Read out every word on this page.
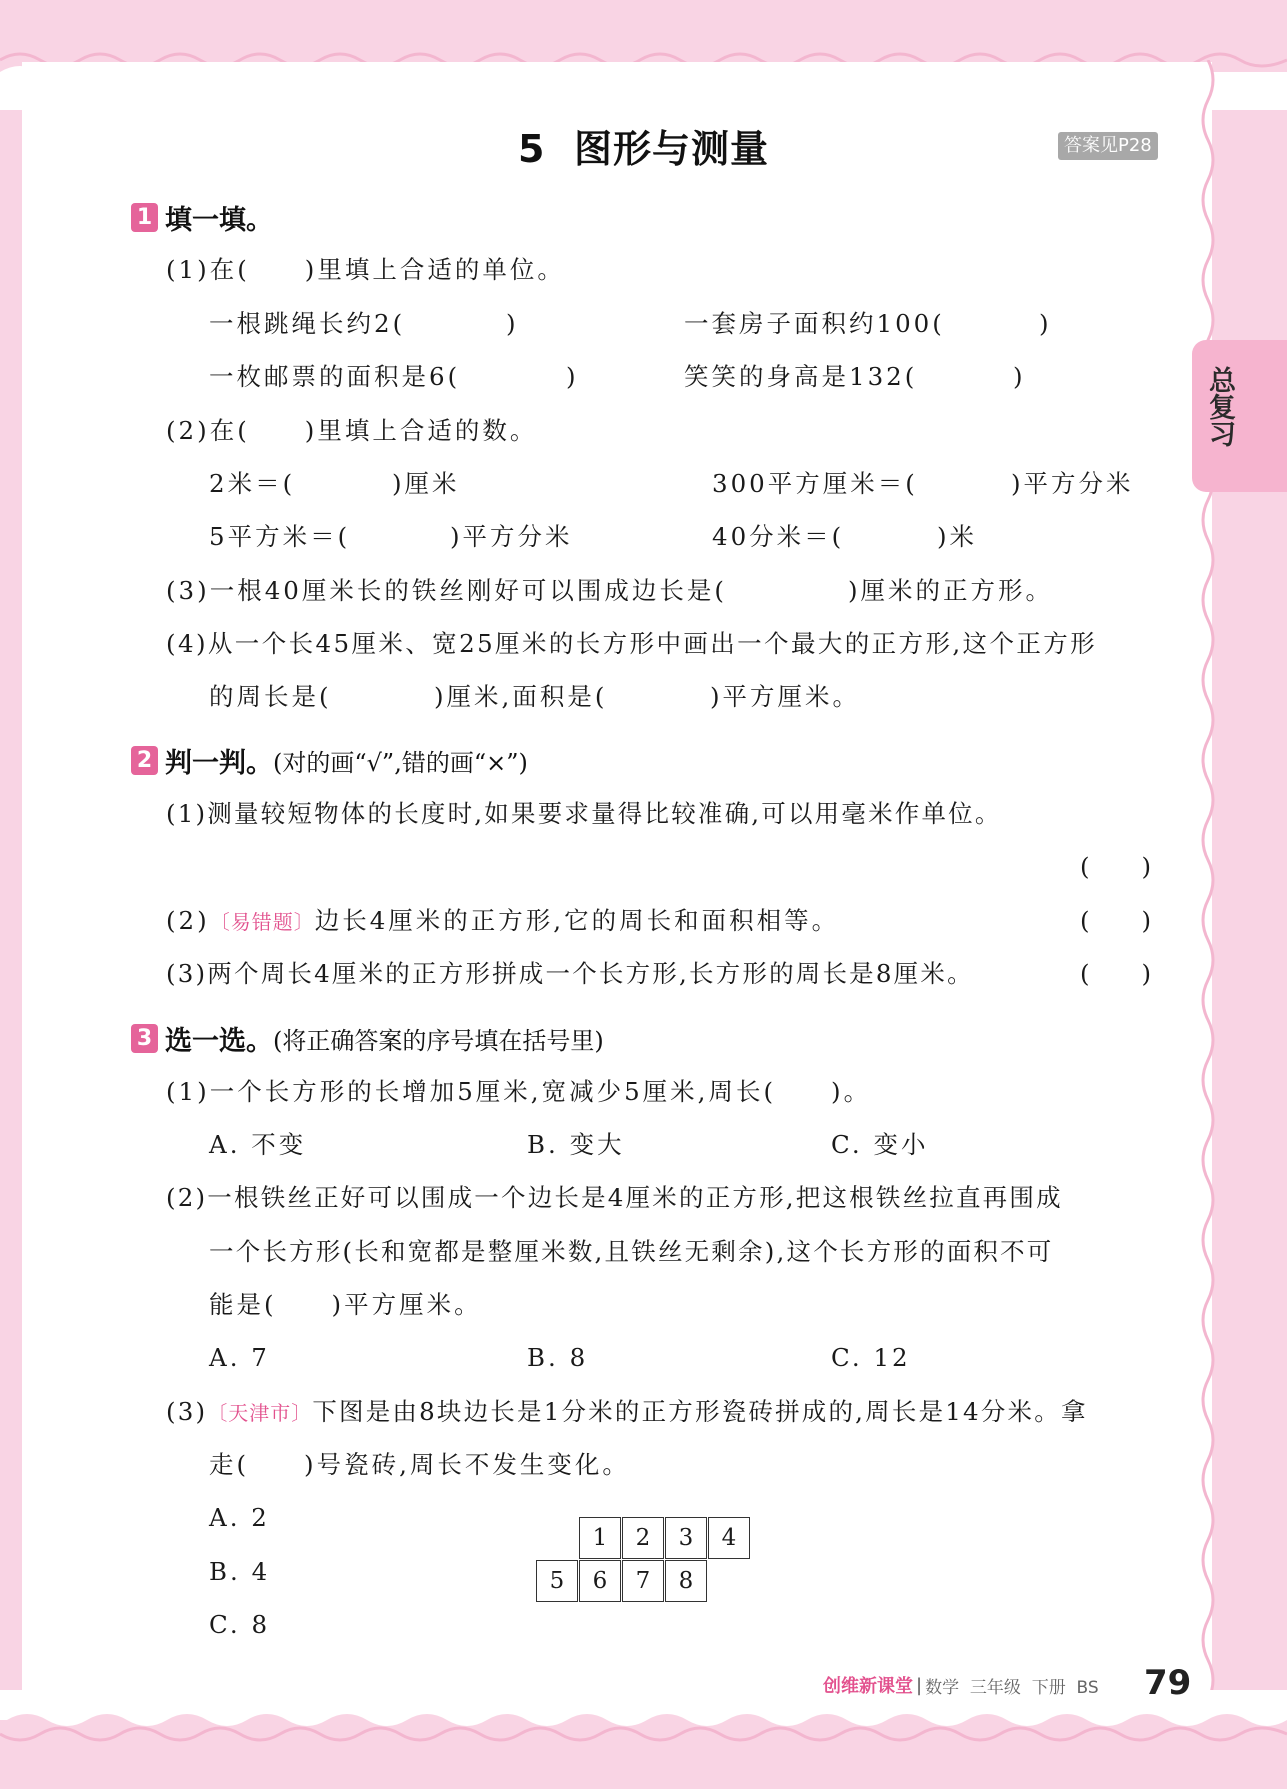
总复习
5  图形与测量	答案见P28
1 填一填。
(1)在(　　)里填上合适的单位。
一根跳绳长约2(	)	一套房子面积约100(	)
一枚邮票的面积是6(	)	笑笑的身高是132(	)
(2)在(　　)里填上合适的数。
2米＝(	)厘米	300平方厘米＝(	)平方分米
5平方米＝(	)平方分米	40分米＝(	)米
(3)一根40厘米长的铁丝刚好可以围成边长是(	)厘米的正方形。
(4)从一个长45厘米、宽25厘米的长方形中画出一个最大的正方形,这个正方形
的周长是(	)厘米,面积是(	)平方厘米。
2 判一判。 (对的画“√”,错的画“×”)
(1)测量较短物体的长度时,如果要求量得比较准确,可以用毫米作单位。
(　　)
(2)〔易错题〕边长4厘米的正方形,它的周长和面积相等。	(　　)
(3)两个周长4厘米的正方形拼成一个长方形,长方形的周长是8厘米。	(　　)
3 选一选。 (将正确答案的序号填在括号里)
(1)一个长方形的长增加5厘米,宽减少5厘米,周长(　　)。
A. 不变	B. 变大	C. 变小
(2)一根铁丝正好可以围成一个边长是4厘米的正方形,把这根铁丝拉直再围成
一个长方形(长和宽都是整厘米数,且铁丝无剩余),这个长方形的面积不可
能是(　　)平方厘米。
A. 7	B. 8	C. 12
(3)〔天津市〕下图是由8块边长是1分米的正方形瓷砖拼成的,周长是14分米。拿
走(　　)号瓷砖,周长不发生变化。
A. 2
B. 4
C. 8
1	2	3	4
5	6	7	8
创维新课堂 | 数学  三年级  下册  BS 79
